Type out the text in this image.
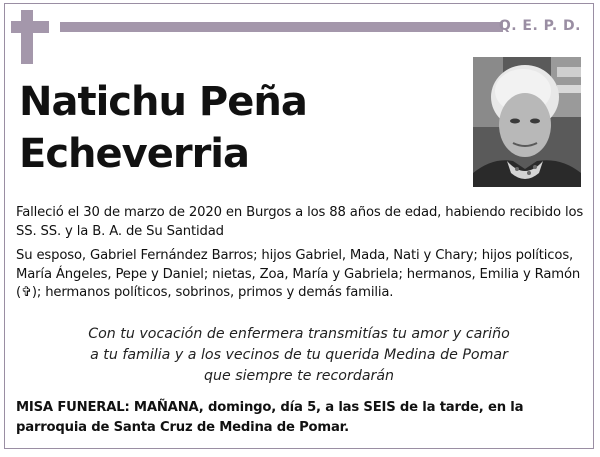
Q. E. P. D.
Natichu Peña
Echeverria

Falleció el 30 de marzo de 2020 en Burgos a los 88 años de edad, habiendo recibido los SS. SS. y la B. A. de Su Santidad

Su esposo, Gabriel Fernández Barros; hijos Gabriel, Mada, Nati y Chary; hijos políticos, María Ángeles, Pepe y Daniel; nietas, Zoa, María y Gabriela; hermanos, Emilia y Ramón (✞); hermanos políticos, sobrinos, primos y demás familia.

Con tu vocación de enfermera transmitías tu amor y cariño
a tu familia y a los vecinos de tu querida Medina de Pomar
que siempre te recordarán
MISA FUNERAL: MAÑANA, domingo, día 5, a las SEIS de la tarde, en la parroquia de Santa Cruz de Medina de Pomar.
